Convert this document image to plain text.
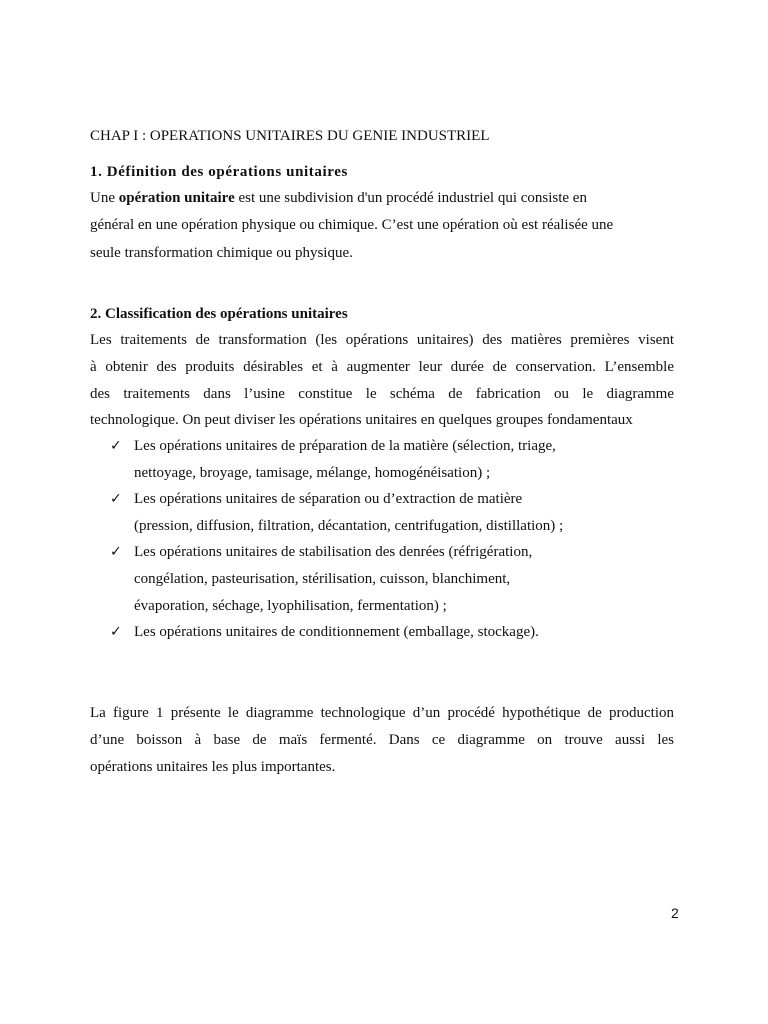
CHAP I : OPERATIONS UNITAIRES DU GENIE INDUSTRIEL
1. Définition des opérations unitaires
Une opération unitaire est une subdivision d'un procédé industriel qui consiste en
général en une opération physique ou chimique. C’est une opération où est réalisée une
seule transformation chimique ou physique.
2. Classification des opérations unitaires
Les traitements de transformation (les opérations unitaires) des matières premières visent
à obtenir des produits désirables et à augmenter leur durée de conservation. L’ensemble
des traitements dans l’usine constitue le schéma de fabrication ou le diagramme
technologique. On peut diviser les opérations unitaires en quelques groupes fondamentaux
✓ Les opérations unitaires de préparation de la matière (sélection, triage,
nettoyage, broyage, tamisage, mélange, homogénéisation) ;
✓ Les opérations unitaires de séparation ou d’extraction de matière
(pression, diffusion, filtration, décantation, centrifugation, distillation) ;
✓ Les opérations unitaires de stabilisation des denrées (réfrigération,
congélation, pasteurisation, stérilisation, cuisson, blanchiment,
évaporation, séchage, lyophilisation, fermentation) ;
✓ Les opérations unitaires de conditionnement (emballage, stockage).
La figure 1 présente le diagramme technologique d’un procédé hypothétique de production
d’une boisson à base de maïs fermenté. Dans ce diagramme on trouve aussi les
opérations unitaires les plus importantes.
2
